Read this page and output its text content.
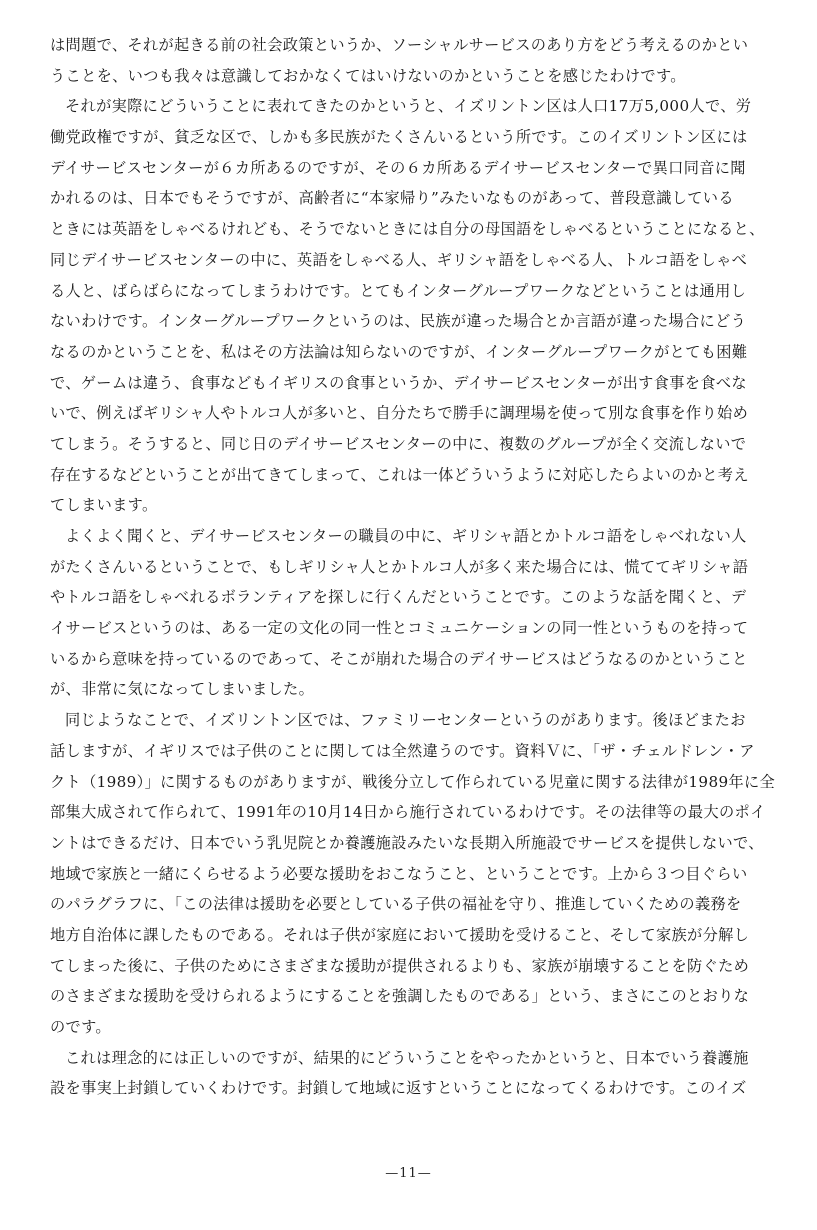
は問題で、それが起きる前の社会政策というか、ソーシャルサービスのあり方をどう考えるのかとい
うことを、いつも我々は意識しておかなくてはいけないのかということを感じたわけです。
それが実際にどういうことに表れてきたのかというと、イズリントン区は人口17万5,000人で、労
働党政権ですが、貧乏な区で、しかも多民族がたくさんいるという所です。このイズリントン区には
デイサービスセンターが６カ所あるのですが、その６カ所あるデイサービスセンターで異口同音に聞
かれるのは、日本でもそうですが、高齢者に“本家帰り”みたいなものがあって、普段意識している
ときには英語をしゃべるけれども、そうでないときには自分の母国語をしゃべるということになると、
同じデイサービスセンターの中に、英語をしゃべる人、ギリシャ語をしゃべる人、トルコ語をしゃべ
る人と、ばらばらになってしまうわけです。とてもインターグループワークなどということは通用し
ないわけです。インターグループワークというのは、民族が違った場合とか言語が違った場合にどう
なるのかということを、私はその方法論は知らないのですが、インターグループワークがとても困難
で、ゲームは違う、食事などもイギリスの食事というか、デイサービスセンターが出す食事を食べな
いで、例えばギリシャ人やトルコ人が多いと、自分たちで勝手に調理場を使って別な食事を作り始め
てしまう。そうすると、同じ日のデイサービスセンターの中に、複数のグループが全く交流しないで
存在するなどということが出てきてしまって、これは一体どういうように対応したらよいのかと考え
てしまいます。
よくよく聞くと、デイサービスセンターの職員の中に、ギリシャ語とかトルコ語をしゃべれない人
がたくさんいるということで、もしギリシャ人とかトルコ人が多く来た場合には、慌ててギリシャ語
やトルコ語をしゃべれるボランティアを探しに行くんだということです。このような話を聞くと、デ
イサービスというのは、ある一定の文化の同一性とコミュニケーションの同一性というものを持って
いるから意味を持っているのであって、そこが崩れた場合のデイサービスはどうなるのかということ
が、非常に気になってしまいました。
同じようなことで、イズリントン区では、ファミリーセンターというのがあります。後ほどまたお
話しますが、イギリスでは子供のことに関しては全然違うのです。資料Ｖに、「ザ・チェルドレン・ア
クト（1989）」に関するものがありますが、戦後分立して作られている児童に関する法律が1989年に全
部集大成されて作られて、1991年の10月14日から施行されているわけです。その法律等の最大のポイ
ントはできるだけ、日本でいう乳児院とか養護施設みたいな長期入所施設でサービスを提供しないで、
地域で家族と一緒にくらせるよう必要な援助をおこなうこと、ということです。上から３つ目ぐらい
のパラグラフに、「この法律は援助を必要としている子供の福祉を守り、推進していくための義務を
地方自治体に課したものである。それは子供が家庭において援助を受けること、そして家族が分解し
てしまった後に、子供のためにさまざまな援助が提供されるよりも、家族が崩壊することを防ぐため
のさまざまな援助を受けられるようにすることを強調したものである」という、まさにこのとおりな
のです。
これは理念的には正しいのですが、結果的にどういうことをやったかというと、日本でいう養護施
設を事実上封鎖していくわけです。封鎖して地域に返すということになってくるわけです。このイズ
—11—
